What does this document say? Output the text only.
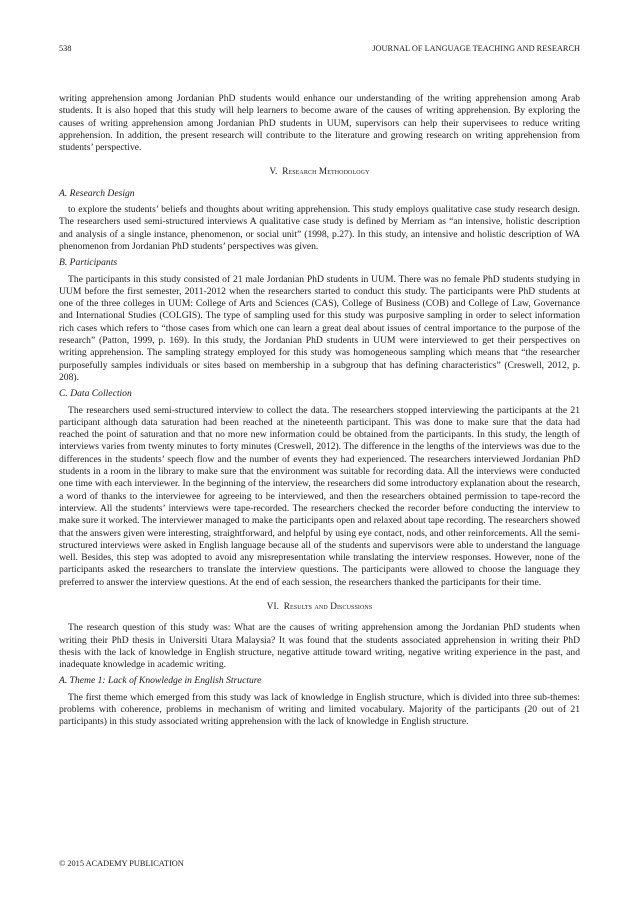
538	JOURNAL OF LANGUAGE TEACHING AND RESEARCH

writing apprehension among Jordanian PhD students would enhance our understanding of the writing apprehension among Arab students. It is also hoped that this study will help learners to become aware of the causes of writing apprehension. By exploring the causes of writing apprehension among Jordanian PhD students in UUM, supervisors can help their supervisees to reduce writing apprehension. In addition, the present research will contribute to the literature and growing research on writing apprehension from students’ perspective.

V. Research Methodology
A. Research Design

to explore the students’ beliefs and thoughts about writing apprehension. This study employs qualitative case study research design. The researchers used semi-structured interviews A qualitative case study is defined by Merriam as “an intensive, holistic description and analysis of a single instance, phenomenon, or social unit” (1998, p.27). In this study, an intensive and holistic description of WA phenomenon from Jordanian PhD students’ perspectives was given.

B. Participants

The participants in this study consisted of 21 male Jordanian PhD students in UUM. There was no female PhD students studying in UUM before the first semester, 2011-2012 when the researchers started to conduct this study. The participants were PhD students at one of the three colleges in UUM: College of Arts and Sciences (CAS), College of Business (COB) and College of Law, Governance and International Studies (COLGIS). The type of sampling used for this study was purposive sampling in order to select information rich cases which refers to “those cases from which one can learn a great deal about issues of central importance to the purpose of the research” (Patton, 1999, p. 169). In this study, the Jordanian PhD students in UUM were interviewed to get their perspectives on writing apprehension. The sampling strategy employed for this study was homogeneous sampling which means that “the researcher purposefully samples individuals or sites based on membership in a subgroup that has defining characteristics” (Creswell, 2012, p. 208).

C. Data Collection

The researchers used semi-structured interview to collect the data. The researchers stopped interviewing the participants at the 21 participant although data saturation had been reached at the nineteenth participant. This was done to make sure that the data had reached the point of saturation and that no more new information could be obtained from the participants. In this study, the length of interviews varies from twenty minutes to forty minutes (Creswell, 2012). The difference in the lengths of the interviews was due to the differences in the students’ speech flow and the number of events they had experienced. The researchers interviewed Jordanian PhD students in a room in the library to make sure that the environment was suitable for recording data. All the interviews were conducted one time with each interviewer. In the beginning of the interview, the researchers did some introductory explanation about the research, a word of thanks to the interviewee for agreeing to be interviewed, and then the researchers obtained permission to tape-record the interview. All the students’ interviews were tape-recorded. The researchers checked the recorder before conducting the interview to make sure it worked. The interviewer managed to make the participants open and relaxed about tape recording. The researchers showed that the answers given were interesting, straightforward, and helpful by using eye contact, nods, and other reinforcements. All the semi-structured interviews were asked in English language because all of the students and supervisors were able to understand the language well. Besides, this step was adopted to avoid any misrepresentation while translating the interview responses. However, none of the participants asked the researchers to translate the interview questions. The participants were allowed to choose the language they preferred to answer the interview questions. At the end of each session, the researchers thanked the participants for their time.

VI. Results and Discussions

The research question of this study was: What are the causes of writing apprehension among the Jordanian PhD students when writing their PhD thesis in Universiti Utara Malaysia? It was found that the students associated apprehension in writing their PhD thesis with the lack of knowledge in English structure, negative attitude toward writing, negative writing experience in the past, and inadequate knowledge in academic writing.

A. Theme 1: Lack of Knowledge in English Structure

The first theme which emerged from this study was lack of knowledge in English structure, which is divided into three sub-themes: problems with coherence, problems in mechanism of writing and limited vocabulary. Majority of the participants (20 out of 21 participants) in this study associated writing apprehension with the lack of knowledge in English structure.

© 2015 ACADEMY PUBLICATION
